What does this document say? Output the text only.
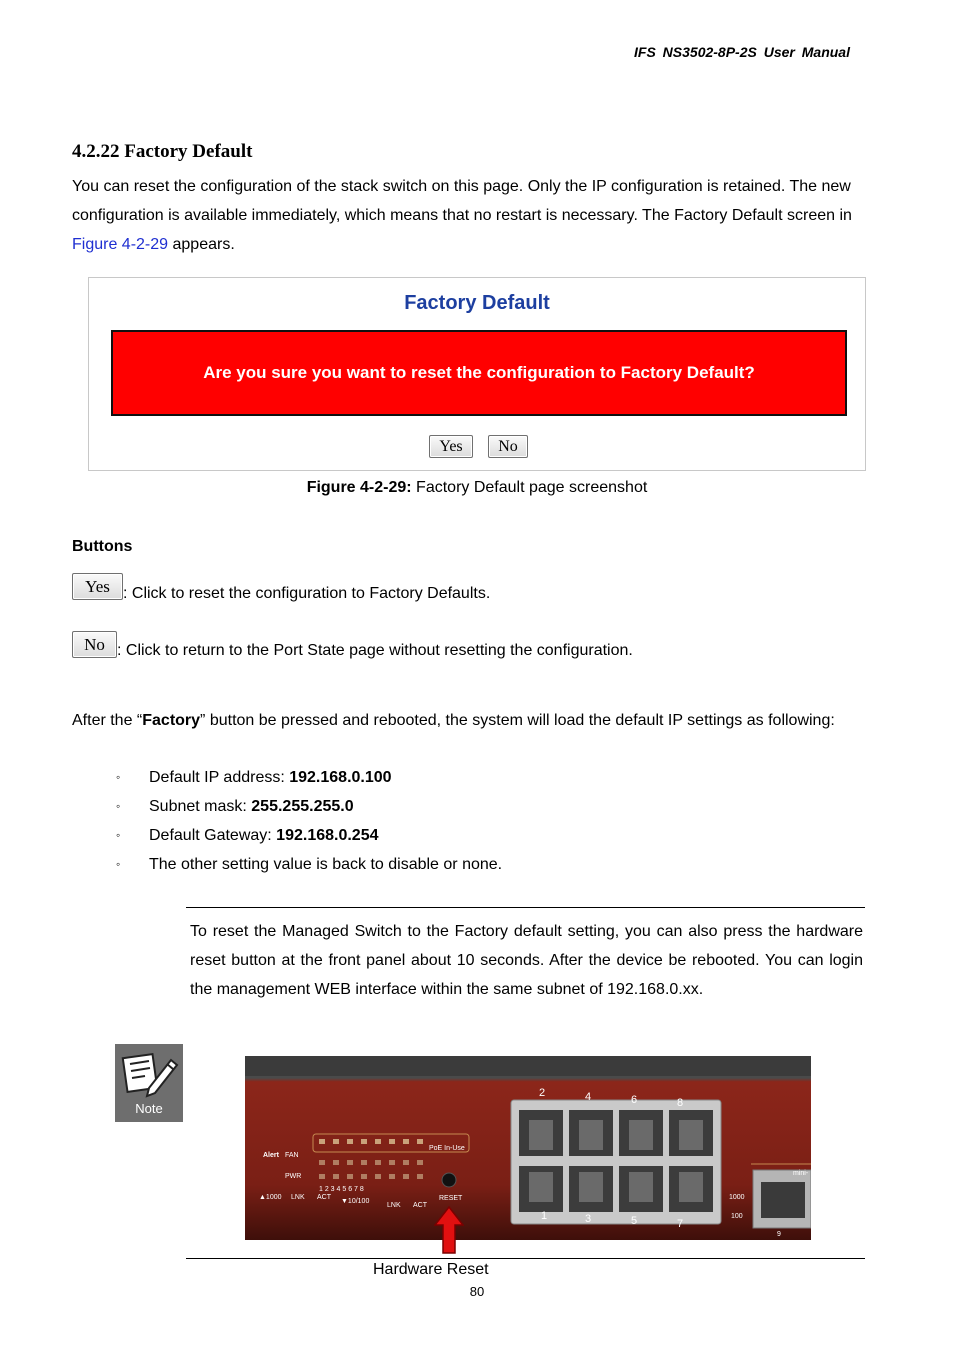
IFS NS3502-8P-2S User Manual
4.2.22 Factory Default

You can reset the configuration of the stack switch on this page. Only the IP configuration is retained. The new configuration is available immediately, which means that no restart is necessary. The Factory Default screen in Figure 4-2-29 appears.

Factory Default
Are you sure you want to reset the configuration to Factory Default?
Yes	No
Figure 4-2-29: Factory Default page screenshot
Buttons
Yes : Click to reset the configuration to Factory Defaults.
No : Click to return to the Port State page without resetting the configuration.

After the “Factory” button be pressed and rebooted, the system will load the default IP settings as following:

◦ Default IP address: 192.168.0.100
◦ Subnet mask: 255.255.255.0
◦ Default Gateway: 192.168.0.254
◦ The other setting value is back to disable or none.

To reset the Managed Switch to the Factory default setting, you can also press the hardware reset button at the front panel about 10 seconds. After the device be rebooted. You can login the management WEB interface within the same subnet of 192.168.0.xx.

Note
PoE In-Use
Alert FAN
PWR
▲1000 LNK ACT
1 2 3 4 5 6 7 8
▼10/100
LNK ACT
RESET
2	4	6	8
1	3	5	7
1000
100
9
mini-
Hardware Reset
80
